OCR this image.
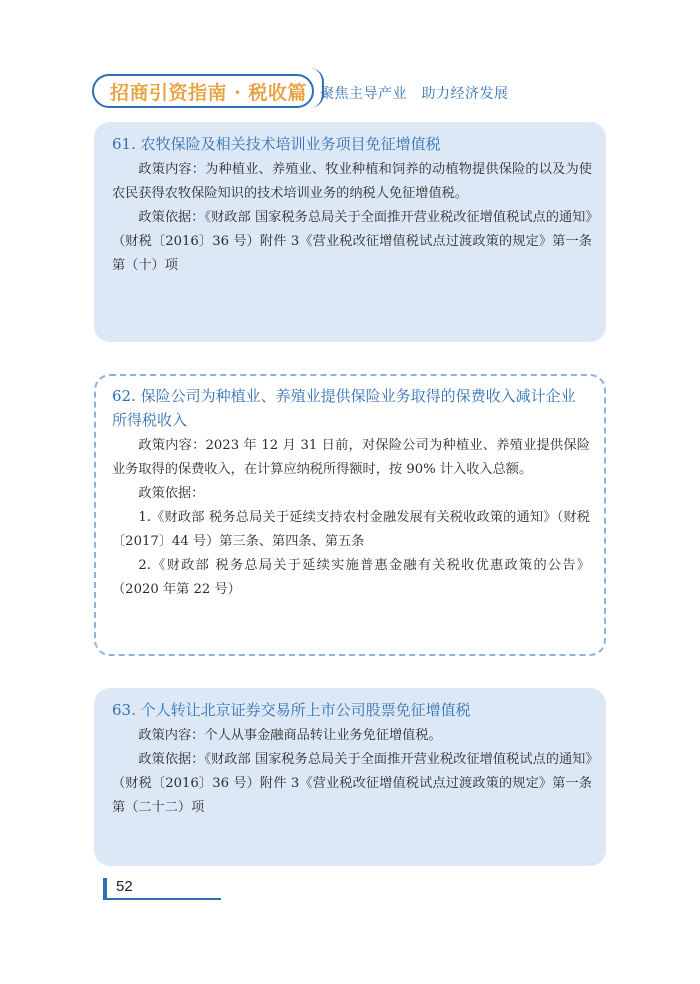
招商引资指南 · 税收篇 聚焦主导产业　助力经济发展
61. 农牧保险及相关技术培训业务项目免征增值税

政策内容：为种植业、养殖业、牧业种植和饲养的动植物提供保险的以及为使农民获得农牧保险知识的技术培训业务的纳税人免征增值税。

政策依据：《财政部 国家税务总局关于全面推开营业税改征增值税试点的通知》（财税〔2016〕36 号）附件 3《营业税改征增值税试点过渡政策的规定》第一条第（十）项

62. 保险公司为种植业、养殖业提供保险业务取得的保费收入减计企业所得税收入

政策内容：2023 年 12 月 31 日前，对保险公司为种植业、养殖业提供保险业务取得的保费收入，在计算应纳税所得额时，按 90% 计入收入总额。

政策依据：

1.《财政部 税务总局关于延续支持农村金融发展有关税收政策的通知》（财税〔2017〕44 号）第三条、第四条、第五条

2.《财政部 税务总局关于延续实施普惠金融有关税收优惠政策的公告》（2020 年第 22 号）

63. 个人转让北京证券交易所上市公司股票免征增值税

政策内容：个人从事金融商品转让业务免征增值税。

政策依据：《财政部 国家税务总局关于全面推开营业税改征增值税试点的通知》（财税〔2016〕36 号）附件 3《营业税改征增值税试点过渡政策的规定》第一条第（二十二）项

52
